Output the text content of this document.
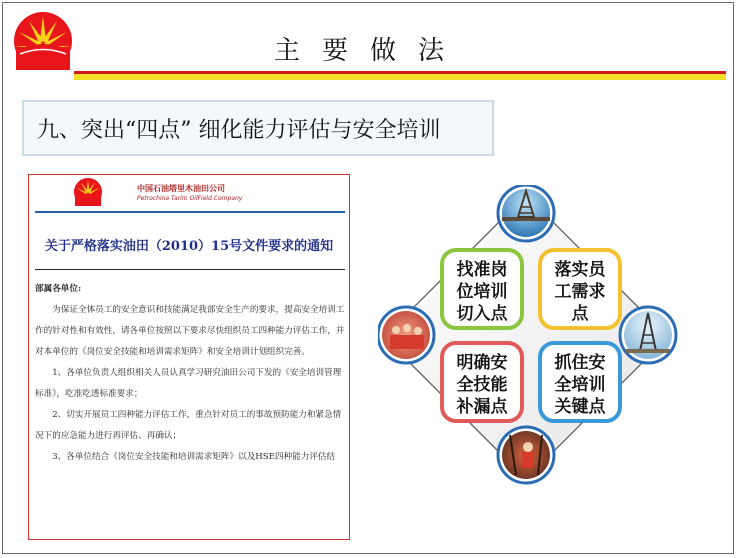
主要做法
九、突出“四点” 细化能力评估与安全培训
中国石油塔里木油田公司
Petrochina Tarim OilField Company
关于严格落实油田（2010）15号文件要求的通知

部属各单位:

为保证全体员工的安全意识和技能满足我部安全生产的要求，提高安全培训工作的针对性和有效性，请各单位按照以下要求尽快组织员工四种能力评估工作，并对本单位的《岗位安全技能和培训需求矩阵》和安全培训计划组织完善。

1、各单位负责人组织相关人员认真学习研究油田公司下发的《安全培训管理标准》，吃准吃透标准要求；

2、切实开展员工四种能力评估工作，重点针对员工的事故预防能力和紧急情况下的应急能力进行再评估、再确认；

3、各单位结合《岗位安全技能和培训需求矩阵》以及HSE四种能力评估结

找准岗
位培训
切入点
落实员
工需求
点
明确安
全技能
补漏点
抓住安
全培训
关键点
